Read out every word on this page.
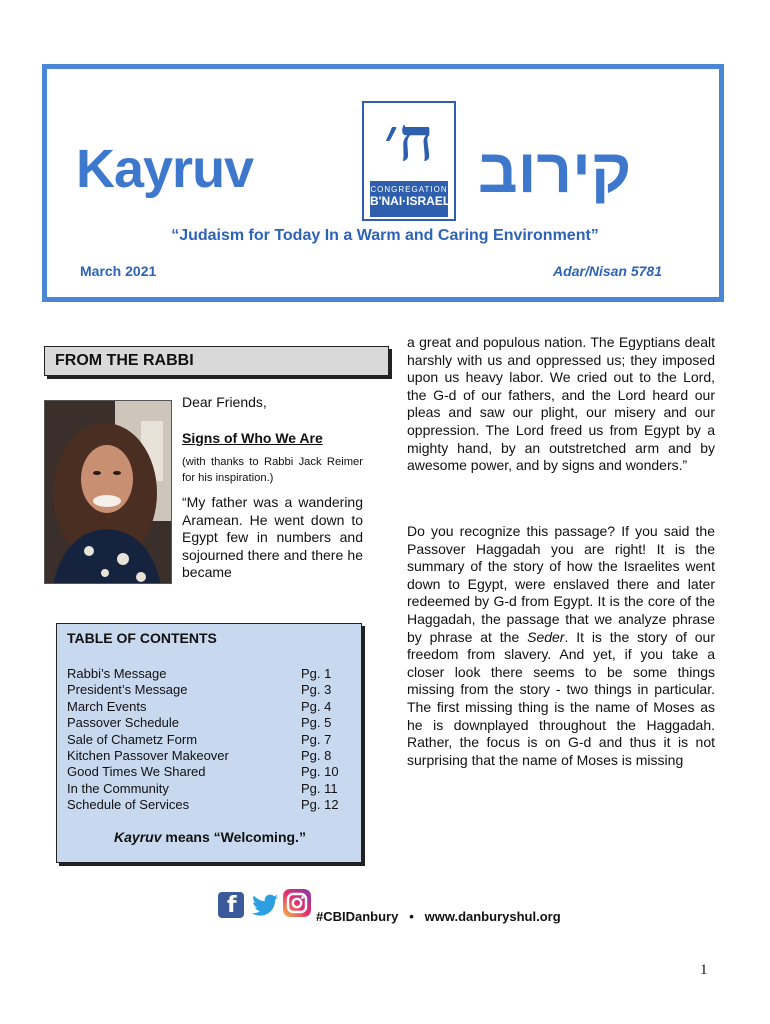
Kayruv	ח׳
CONGREGATION
B'NAI·ISRAEL קירוב
“Judaism for Today In a Warm and Caring Environment”
March 2021	Adar/Nisan 5781
FROM THE RABBI
Dear Friends,
Signs of Who We Are
(with thanks to Rabbi Jack Reimer for his inspiration.)
“My father was a wandering Aramean. He went down to Egypt few in numbers and sojourned there and there he became
TABLE OF CONTENTS
Rabbi’s Message	Pg. 1
President’s Message	Pg. 3
March Events	Pg. 4
Passover Schedule	Pg. 5
Sale of Chametz Form	Pg. 7
Kitchen Passover Makeover	Pg. 8
Good Times We Shared	Pg. 10
In the Community	Pg. 11
Schedule of Services	Pg. 12
Kayruv means “Welcoming.”
a great and populous nation. The Egyptians dealt harshly with us and oppressed us; they imposed upon us heavy labor. We cried out to the Lord, the G-d of our fathers, and the Lord heard our pleas and saw our plight, our misery and our oppression. The Lord freed us from Egypt by a mighty hand, by an outstretched arm and by awesome power, and by signs and wonders.”
Do you recognize this passage? If you said the Passover Haggadah you are right! It is the summary of the story of how the Israelites went down to Egypt, were enslaved there and later redeemed by G-d from Egypt. It is the core of the Haggadah, the passage that we analyze phrase by phrase at the Seder. It is the story of our freedom from slavery. And yet, if you take a closer look there seems to be some things missing from the story - two things in particular. The first missing thing is the name of Moses as he is downplayed throughout the Haggadah. Rather, the focus is on G-d and thus it is not surprising that the name of Moses is missing
f	#CBIDanbury • www.danburyshul.org
1
